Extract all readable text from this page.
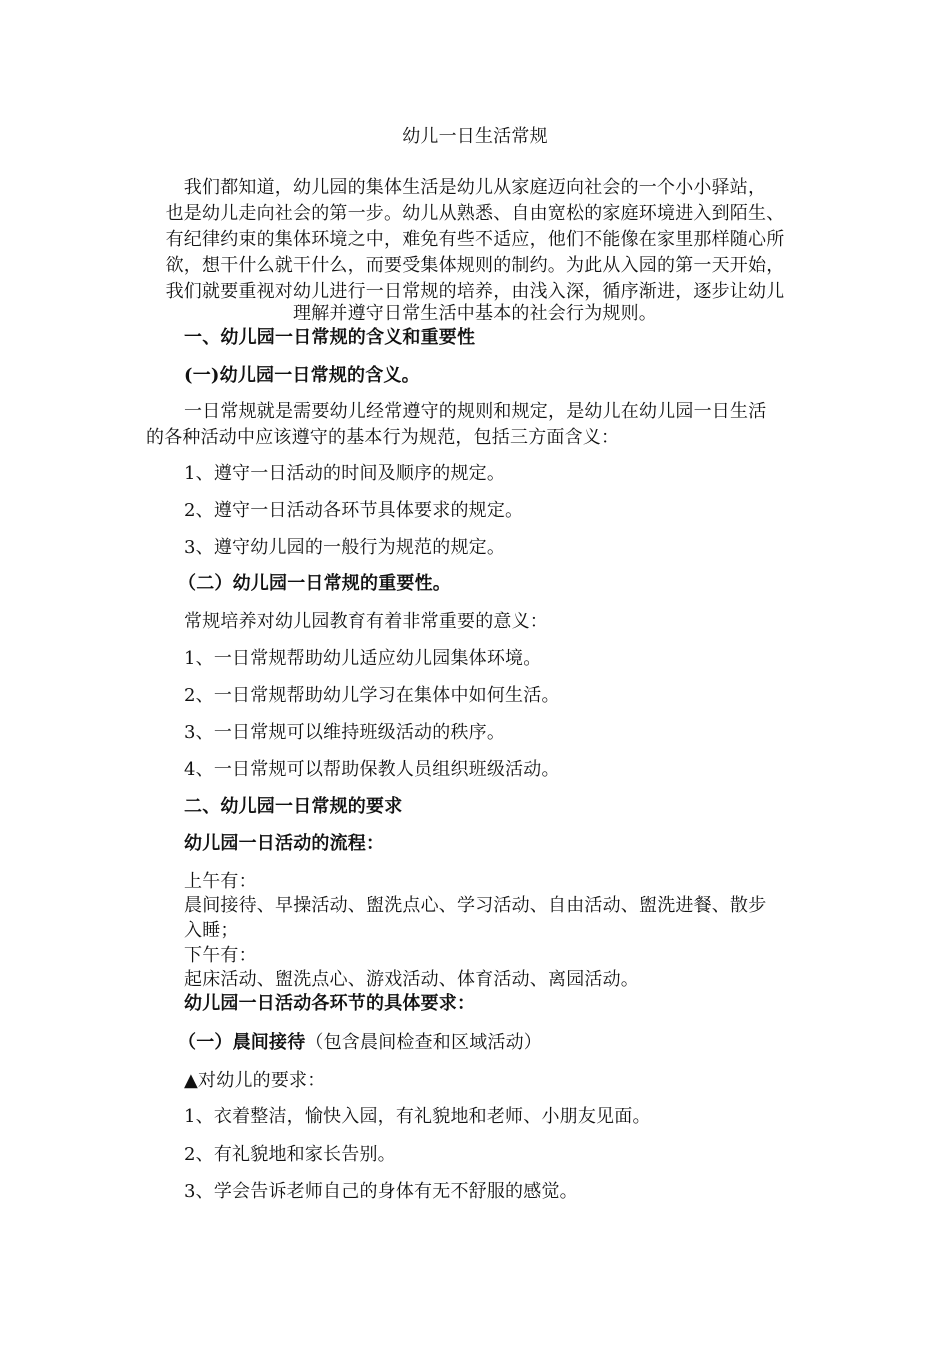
幼儿一日生活常规
我们都知道，幼儿园的集体生活是幼儿从家庭迈向社会的一个小小驿站，
也是幼儿走向社会的第一步。幼儿从熟悉、自由宽松的家庭环境进入到陌生、
有纪律约束的集体环境之中，难免有些不适应，他们不能像在家里那样随心所
欲，想干什么就干什么，而要受集体规则的制约。为此从入园的第一天开始，
我们就要重视对幼儿进行一日常规的培养，由浅入深，循序渐进，逐步让幼儿
理解并遵守日常生活中基本的社会行为规则。
一、幼儿园一日常规的含义和重要性
(一)幼儿园一日常规的含义。
一日常规就是需要幼儿经常遵守的规则和规定，是幼儿在幼儿园一日生活
的各种活动中应该遵守的基本行为规范，包括三方面含义：
1、遵守一日活动的时间及顺序的规定。
2、遵守一日活动各环节具体要求的规定。
3、遵守幼儿园的一般行为规范的规定。
（二）幼儿园一日常规的重要性。
常规培养对幼儿园教育有着非常重要的意义：
1、一日常规帮助幼儿适应幼儿园集体环境。
2、一日常规帮助幼儿学习在集体中如何生活。
3、一日常规可以维持班级活动的秩序。
4、一日常规可以帮助保教人员组织班级活动。
二、幼儿园一日常规的要求
幼儿园一日活动的流程：
上午有：
晨间接待、早操活动、盥洗点心、学习活动、自由活动、盥洗进餐、散步
入睡；
下午有：
起床活动、盥洗点心、游戏活动、体育活动、离园活动。
幼儿园一日活动各环节的具体要求：
（一）晨间接待（包含晨间检查和区域活动）
▲对幼儿的要求：
1、衣着整洁，愉快入园，有礼貌地和老师、小朋友见面。
2、有礼貌地和家长告别。
3、学会告诉老师自己的身体有无不舒服的感觉。
